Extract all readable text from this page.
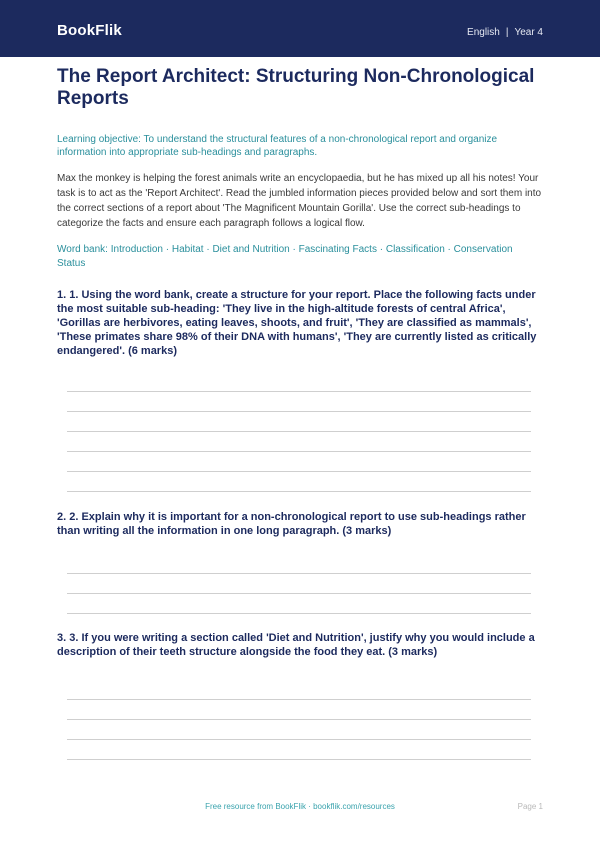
BookFlik	English | Year 4
The Report Architect: Structuring Non-Chronological Reports
Learning objective: To understand the structural features of a non-chronological report and organize information into appropriate sub-headings and paragraphs.
Max the monkey is helping the forest animals write an encyclopaedia, but he has mixed up all his notes! Your task is to act as the 'Report Architect'. Read the jumbled information pieces provided below and sort them into the correct sections of a report about 'The Magnificent Mountain Gorilla'. Use the correct sub-headings to categorize the facts and ensure each paragraph follows a logical flow.
Word bank: Introduction · Habitat · Diet and Nutrition · Fascinating Facts · Classification · Conservation Status
1. 1. Using the word bank, create a structure for your report. Place the following facts under the most suitable sub-heading: 'They live in the high-altitude forests of central Africa', 'Gorillas are herbivores, eating leaves, shoots, and fruit', 'They are classified as mammals', 'These primates share 98% of their DNA with humans', 'They are currently listed as critically endangered'. (6 marks)
2. 2. Explain why it is important for a non-chronological report to use sub-headings rather than writing all the information in one long paragraph. (3 marks)
3. 3. If you were writing a section called 'Diet and Nutrition', justify why you would include a description of their teeth structure alongside the food they eat. (3 marks)
Free resource from BookFlik · bookflik.com/resources	Page 1
